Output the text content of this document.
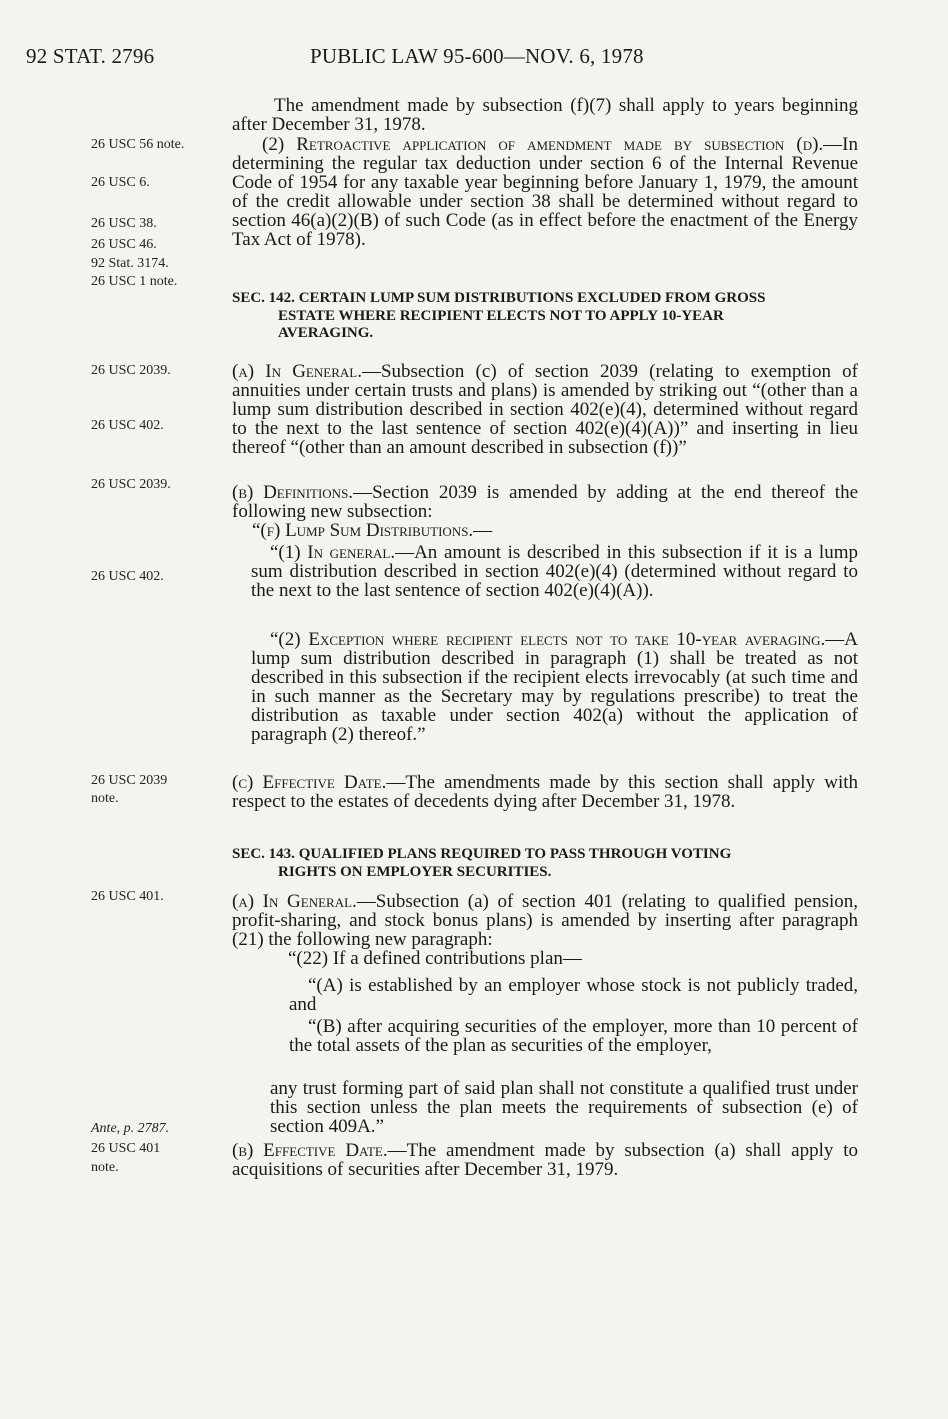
92 STAT. 2796	PUBLIC LAW 95-600—NOV. 6, 1978
26 USC 56 note.
26 USC 6.
26 USC 38.
26 USC 46.
92 Stat. 3174.
26 USC 1 note.
26 USC 2039.
26 USC 402.
26 USC 2039.
26 USC 402.
26 USC 2039
note.
26 USC 401.
Ante, p. 2787.
26 USC 401
note.

The amendment made by subsection (f)(7) shall apply to years beginning after December 31, 1978.

(2) Retroactive application of amendment made by subsection (d).—In determining the regular tax deduction under section 6 of the Internal Revenue Code of 1954 for any taxable year beginning before January 1, 1979, the amount of the credit allowable under section 38 shall be determined without regard to section 46(a)(2)(B) of such Code (as in effect before the enactment of the Energy Tax Act of 1978).

SEC. 142. CERTAIN LUMP SUM DISTRIBUTIONS EXCLUDED FROM GROSS
ESTATE WHERE RECIPIENT ELECTS NOT TO APPLY 10-YEAR
AVERAGING.

(a) In General.—Subsection (c) of section 2039 (relating to exemption of annuities under certain trusts and plans) is amended by striking out “(other than a lump sum distribution described in section 402(e)(4), determined without regard to the next to the last sentence of section 402(e)(4)(A))” and inserting in lieu thereof “(other than an amount described in subsection (f))”

(b) Definitions.—Section 2039 is amended by adding at the end thereof the following new subsection:

“(f) Lump Sum Distributions.—

“(1) In general.—An amount is described in this subsection if it is a lump sum distribution described in section 402(e)(4) (determined without regard to the next to the last sentence of section 402(e)(4)(A)).

“(2) Exception where recipient elects not to take 10-year averaging.—A lump sum distribution described in paragraph (1) shall be treated as not described in this subsection if the recipient elects irrevocably (at such time and in such manner as the Secretary may by regulations prescribe) to treat the distribution as taxable under section 402(a) without the application of paragraph (2) thereof.”

(c) Effective Date.—The amendments made by this section shall apply with respect to the estates of decedents dying after December 31, 1978.

SEC. 143. QUALIFIED PLANS REQUIRED TO PASS THROUGH VOTING
RIGHTS ON EMPLOYER SECURITIES.

(a) In General.—Subsection (a) of section 401 (relating to qualified pension, profit-sharing, and stock bonus plans) is amended by inserting after paragraph (21) the following new paragraph:

“(22) If a defined contributions plan—

“(A) is established by an employer whose stock is not publicly traded, and

“(B) after acquiring securities of the employer, more than 10 percent of the total assets of the plan as securities of the employer,

any trust forming part of said plan shall not constitute a qualified trust under this section unless the plan meets the requirements of subsection (e) of section 409A.”

(b) Effective Date.—The amendment made by subsection (a) shall apply to acquisitions of securities after December 31, 1979.
